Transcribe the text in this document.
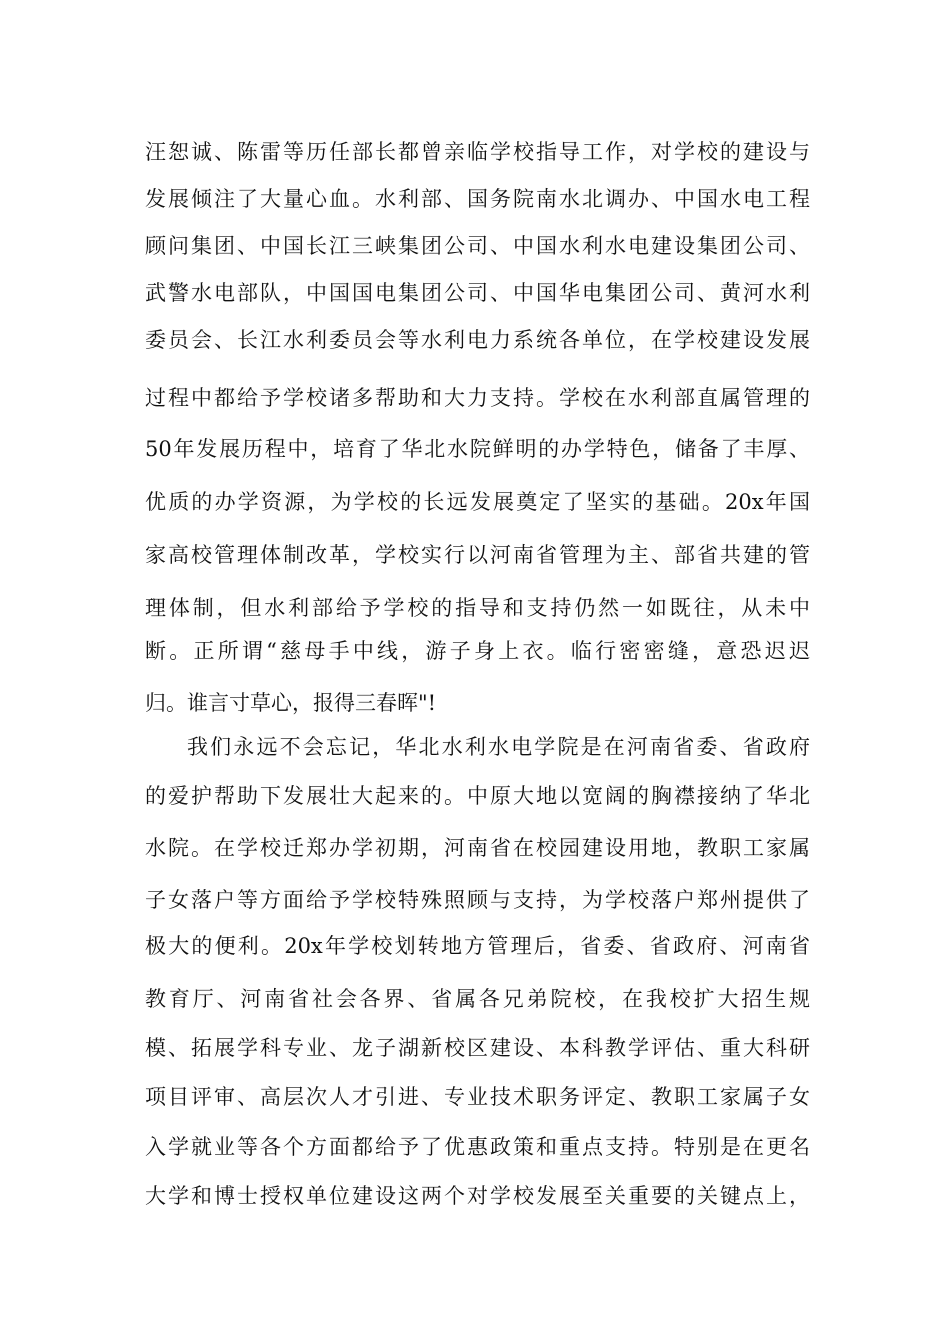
汪恕诚、陈雷等历任部长都曾亲临学校指导工作，对学校的建设与
发展倾注了大量心血。水利部、国务院南水北调办、中国水电工程
顾问集团、中国长江三峡集团公司、中国水利水电建设集团公司、
武警水电部队，中国国电集团公司、中国华电集团公司、黄河水利
委员会、长江水利委员会等水利电力系统各单位，在学校建设发展
过程中都给予学校诸多帮助和大力支持。学校在水利部直属管理的
50年发展历程中，培育了华北水院鲜明的办学特色，储备了丰厚、
优质的办学资源，为学校的长远发展奠定了坚实的基础。20x年国
家高校管理体制改革，学校实行以河南省管理为主、部省共建的管
理体制，但水利部给予学校的指导和支持仍然一如既往，从未中
断。正所谓“慈母手中线，游子身上衣。临行密密缝，意恐迟迟
归。谁言寸草心，报得三春晖"!
我们永远不会忘记，华北水利水电学院是在河南省委、省政府
的爱护帮助下发展壮大起来的。中原大地以宽阔的胸襟接纳了华北
水院。在学校迁郑办学初期，河南省在校园建设用地，教职工家属
子女落户等方面给予学校特殊照顾与支持，为学校落户郑州提供了
极大的便利。20x年学校划转地方管理后，省委、省政府、河南省
教育厅、河南省社会各界、省属各兄弟院校，在我校扩大招生规
模、拓展学科专业、龙子湖新校区建设、本科教学评估、重大科研
项目评审、高层次人才引进、专业技术职务评定、教职工家属子女
入学就业等各个方面都给予了优惠政策和重点支持。特别是在更名
大学和博士授权单位建设这两个对学校发展至关重要的关键点上，
